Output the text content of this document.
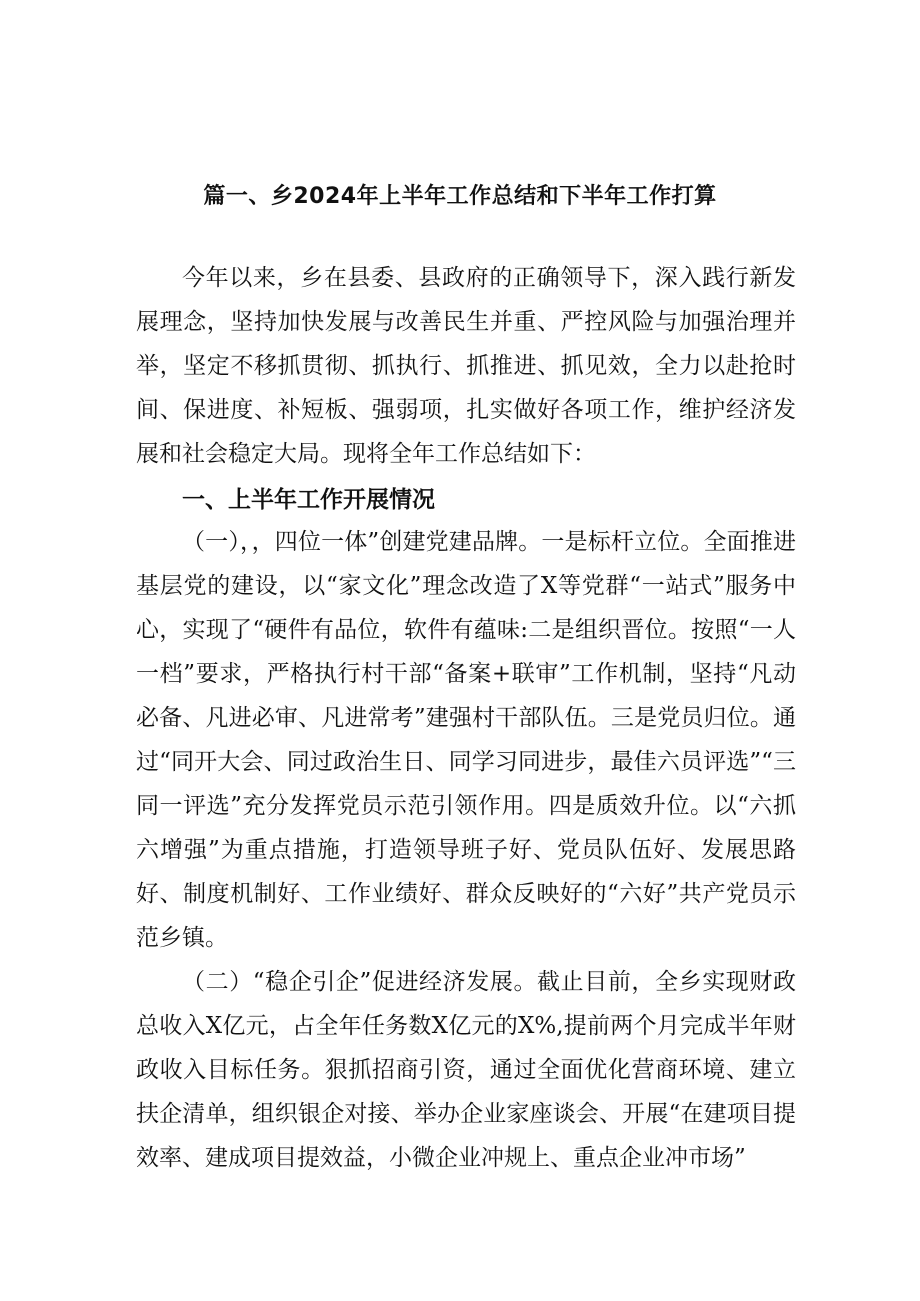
篇一、乡2024年上半年工作总结和下半年工作打算

今年以来，乡在县委、县政府的正确领导下，深入践行新发展理念，坚持加快发展与改善民生并重、严控风险与加强治理并举，坚定不移抓贯彻、抓执行、抓推进、抓见效，全力以赴抢时间、保进度、补短板、强弱项，扎实做好各项工作，维护经济发展和社会稳定大局。现将全年工作总结如下：

一、上半年工作开展情况

（一），，四位一体”创建党建品牌。一是标杆立位。全面推进基层党的建设，以“家文化”理念改造了X等党群“一站式”服务中心，实现了“硬件有品位，软件有蕴味:二是组织晋位。按照“一人一档”要求，严格执行村干部“备案+联审”工作机制，坚持“凡动必备、凡进必审、凡进常考”建强村干部队伍。三是党员归位。通过“同开大会、同过政治生日、同学习同进步，最佳六员评选”“三同一评选”充分发挥党员示范引领作用。四是质效升位。以“六抓六增强”为重点措施，打造领导班子好、党员队伍好、发展思路好、制度机制好、工作业绩好、群众反映好的“六好”共产党员示范乡镇。

（二）“稳企引企”促进经济发展。截止目前，全乡实现财政总收入X亿元，占全年任务数X亿元的X%,提前两个月完成半年财政收入目标任务。狠抓招商引资，通过全面优化营商环境、建立扶企清单，组织银企对接、举办企业家座谈会、开展“在建项目提效率、建成项目提效益，小微企业冲规上、重点企业冲市场”
